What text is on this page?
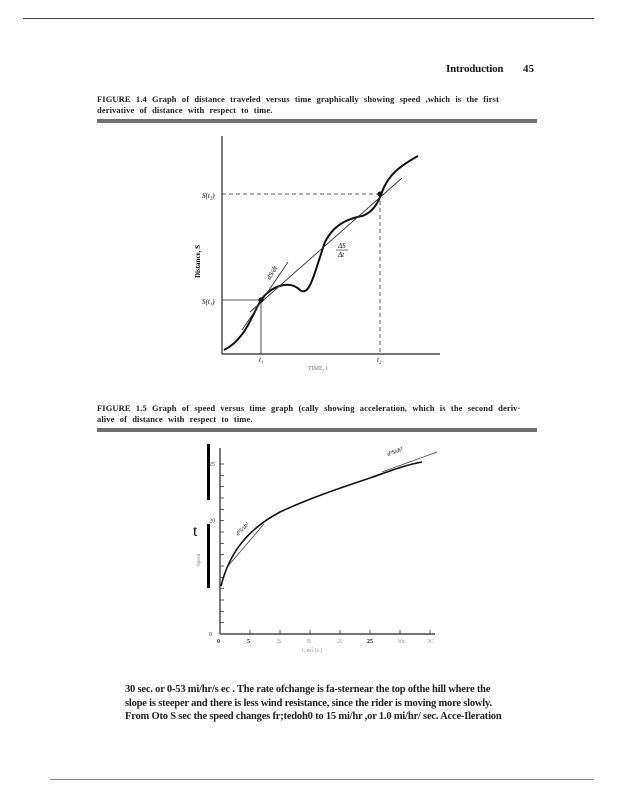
Introduction 45
FIGURE 1.4 Graph of distance traveled versus time graphically showing speed ,which is the first
derivative of distance with respect to time.
S(t₂)
S(t₁)
t₁	t₂
dS/dt
ΔS
Δt
Distance, S
TIME, t
FIGURE 1.5 Graph of speed versus time graph (cally showing acceleration, which is the second deriv·
alive of distance with respect to time.
t
Speed
0
20
25
0	5	B	B	2İ	25	30c	3C
d²S/dt²
d²S/dt²
t, mí (s )

30 sec. or 0-53 mi/hr/s ec . The rate ofchange is fa-sternear the top ofthe hill where the

slope is steeper and there is less wind resistance, since the rider is moving more slowly.

From Oto S sec the speed changes fr;tedoh0 to 15 mi/hr ,or 1.0 mi/hr/ sec. Acce-Ileration
